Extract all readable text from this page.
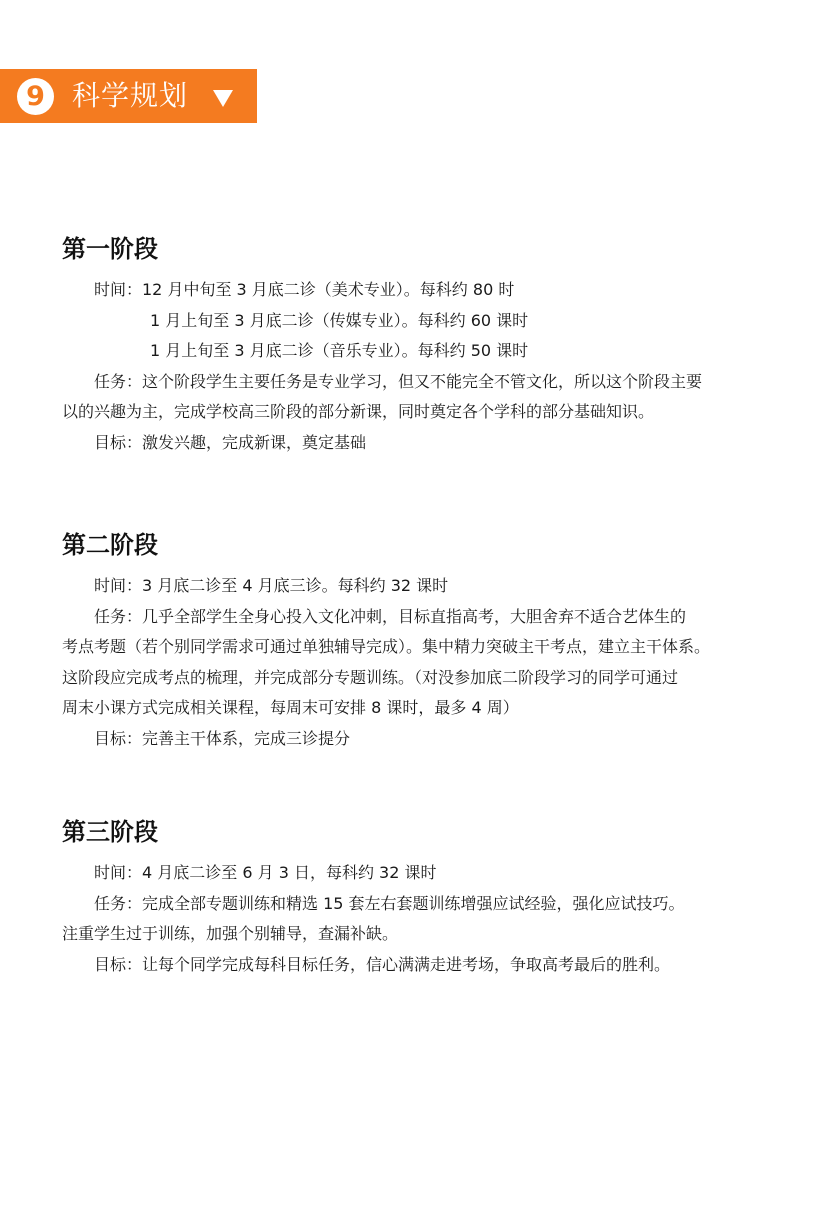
9 科学规划
第一阶段
时间：12 月中旬至 3 月底二诊（美术专业）。每科约 80 时
1 月上旬至 3 月底二诊（传媒专业）。每科约 60 课时
1 月上旬至 3 月底二诊（音乐专业）。每科约 50 课时
任务：这个阶段学生主要任务是专业学习，但又不能完全不管文化，所以这个阶段主要
以的兴趣为主，完成学校高三阶段的部分新课，同时奠定各个学科的部分基础知识。
目标：激发兴趣，完成新课，奠定基础
第二阶段
时间：3 月底二诊至 4 月底三诊。每科约 32 课时
任务：几乎全部学生全身心投入文化冲刺，目标直指高考，大胆舍弃不适合艺体生的
考点考题（若个别同学需求可通过单独辅导完成）。集中精力突破主干考点，建立主干体系。
这阶段应完成考点的梳理，并完成部分专题训练。（对没参加底二阶段学习的同学可通过
周末小课方式完成相关课程，每周末可安排 8 课时，最多 4 周）
目标：完善主干体系，完成三诊提分
第三阶段
时间：4 月底二诊至 6 月 3 日，每科约 32 课时
任务：完成全部专题训练和精选 15 套左右套题训练增强应试经验，强化应试技巧。
注重学生过于训练，加强个别辅导，查漏补缺。
目标：让每个同学完成每科目标任务，信心满满走进考场，争取高考最后的胜利。
